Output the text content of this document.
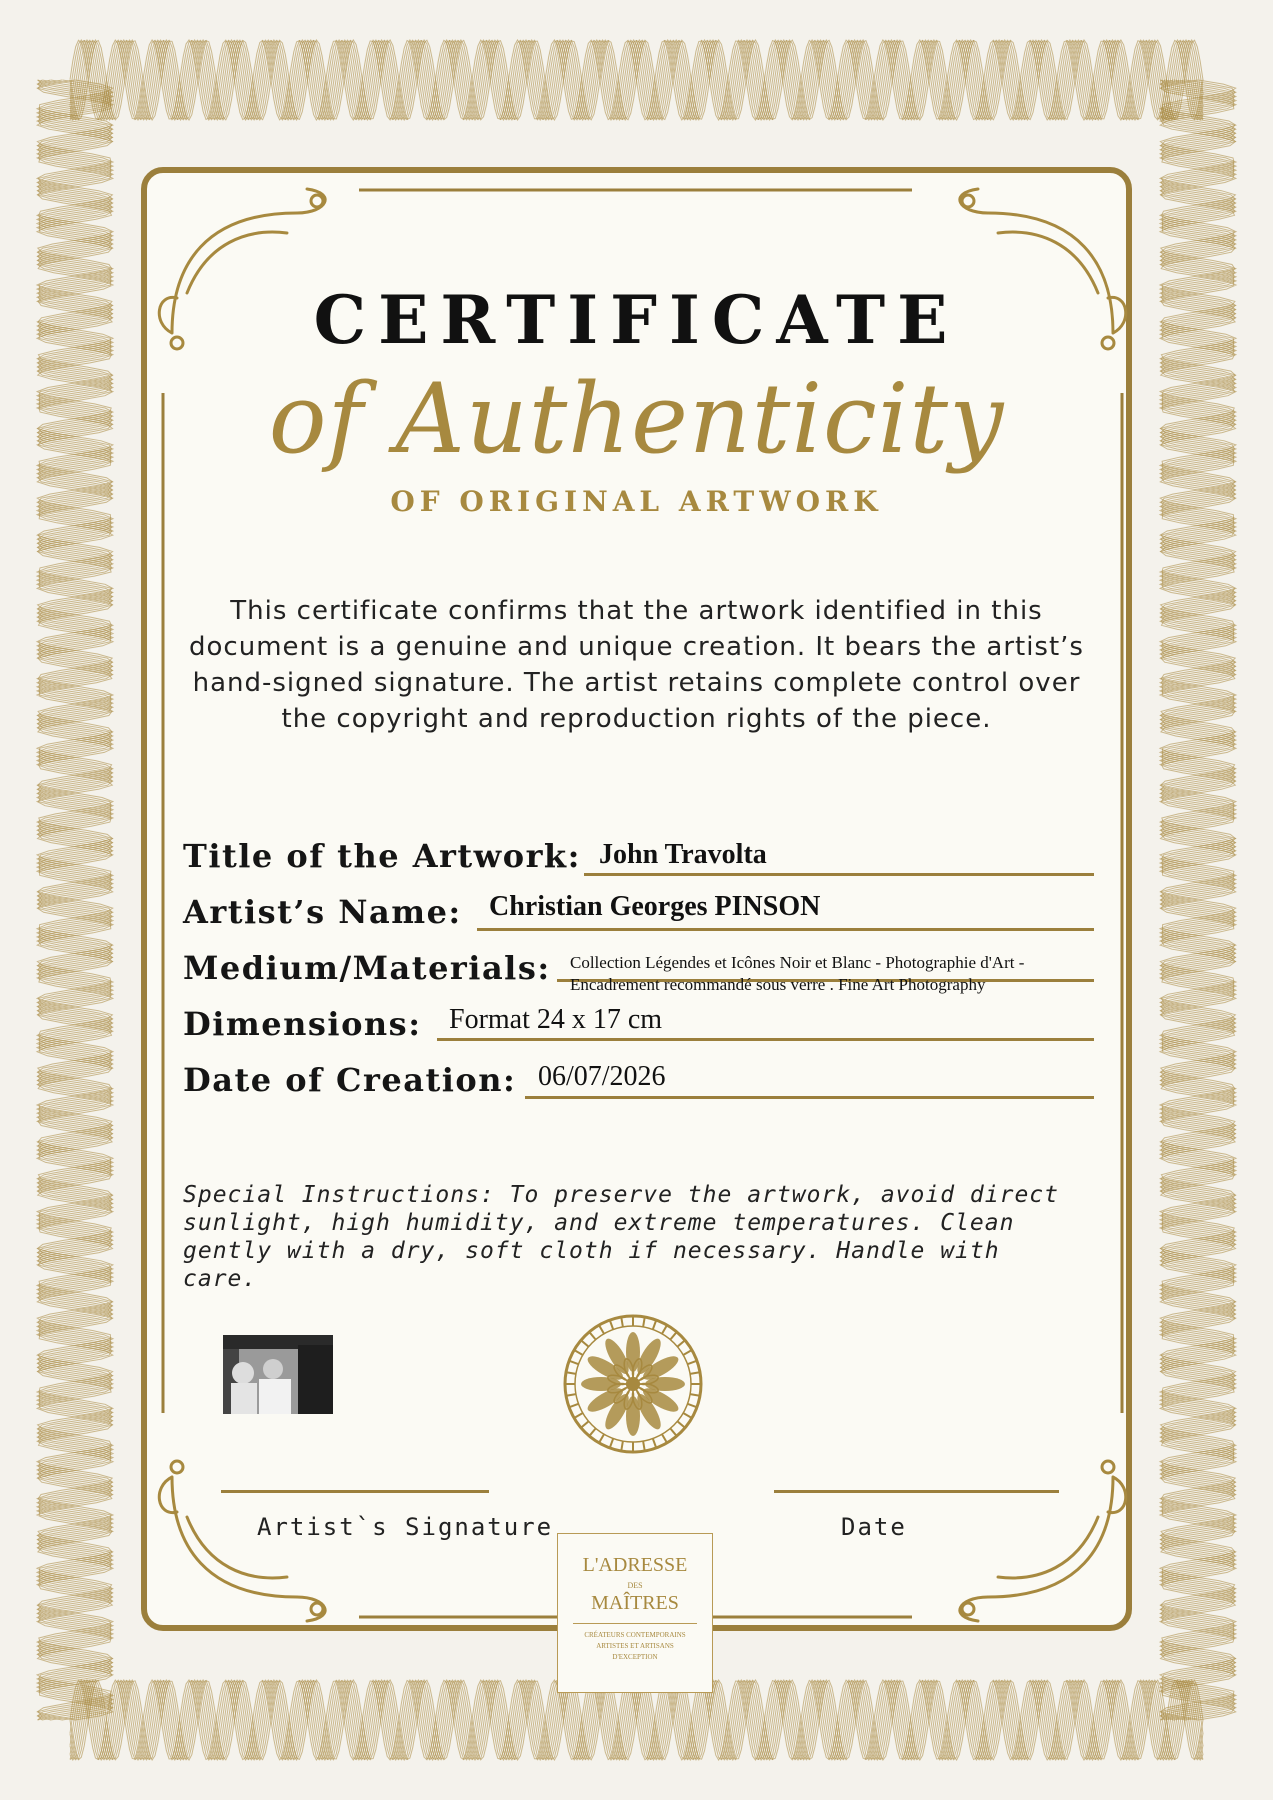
CERTIFICATE
of Authenticity
OF ORIGINAL ARTWORK
This certificate confirms that the artwork identified in this document is a genuine and unique creation. It bears the artist’s hand-signed signature. The artist retains complete control over the copyright and reproduction rights of the piece.
Title of the Artwork: John Travolta
Artist’s Name: Christian Georges PINSON
Medium/Materials: Collection Légendes et Icônes Noir et Blanc - Photographie d'Art - Encadrement recommandé sous verre . Fine Art Photography
Dimensions: Format 24 x 17 cm
Date of Creation: 06/07/2026
Special Instructions: To preserve the artwork, avoid direct sunlight, high humidity, and extreme temperatures. Clean gently with a dry, soft cloth if necessary. Handle with care.
Artist`s Signature	Date
L'ADRESSE
DES
MAÎTRES
CRÉATEURS CONTEMPORAINS
ARTISTES ET ARTISANS
D'EXCEPTION
